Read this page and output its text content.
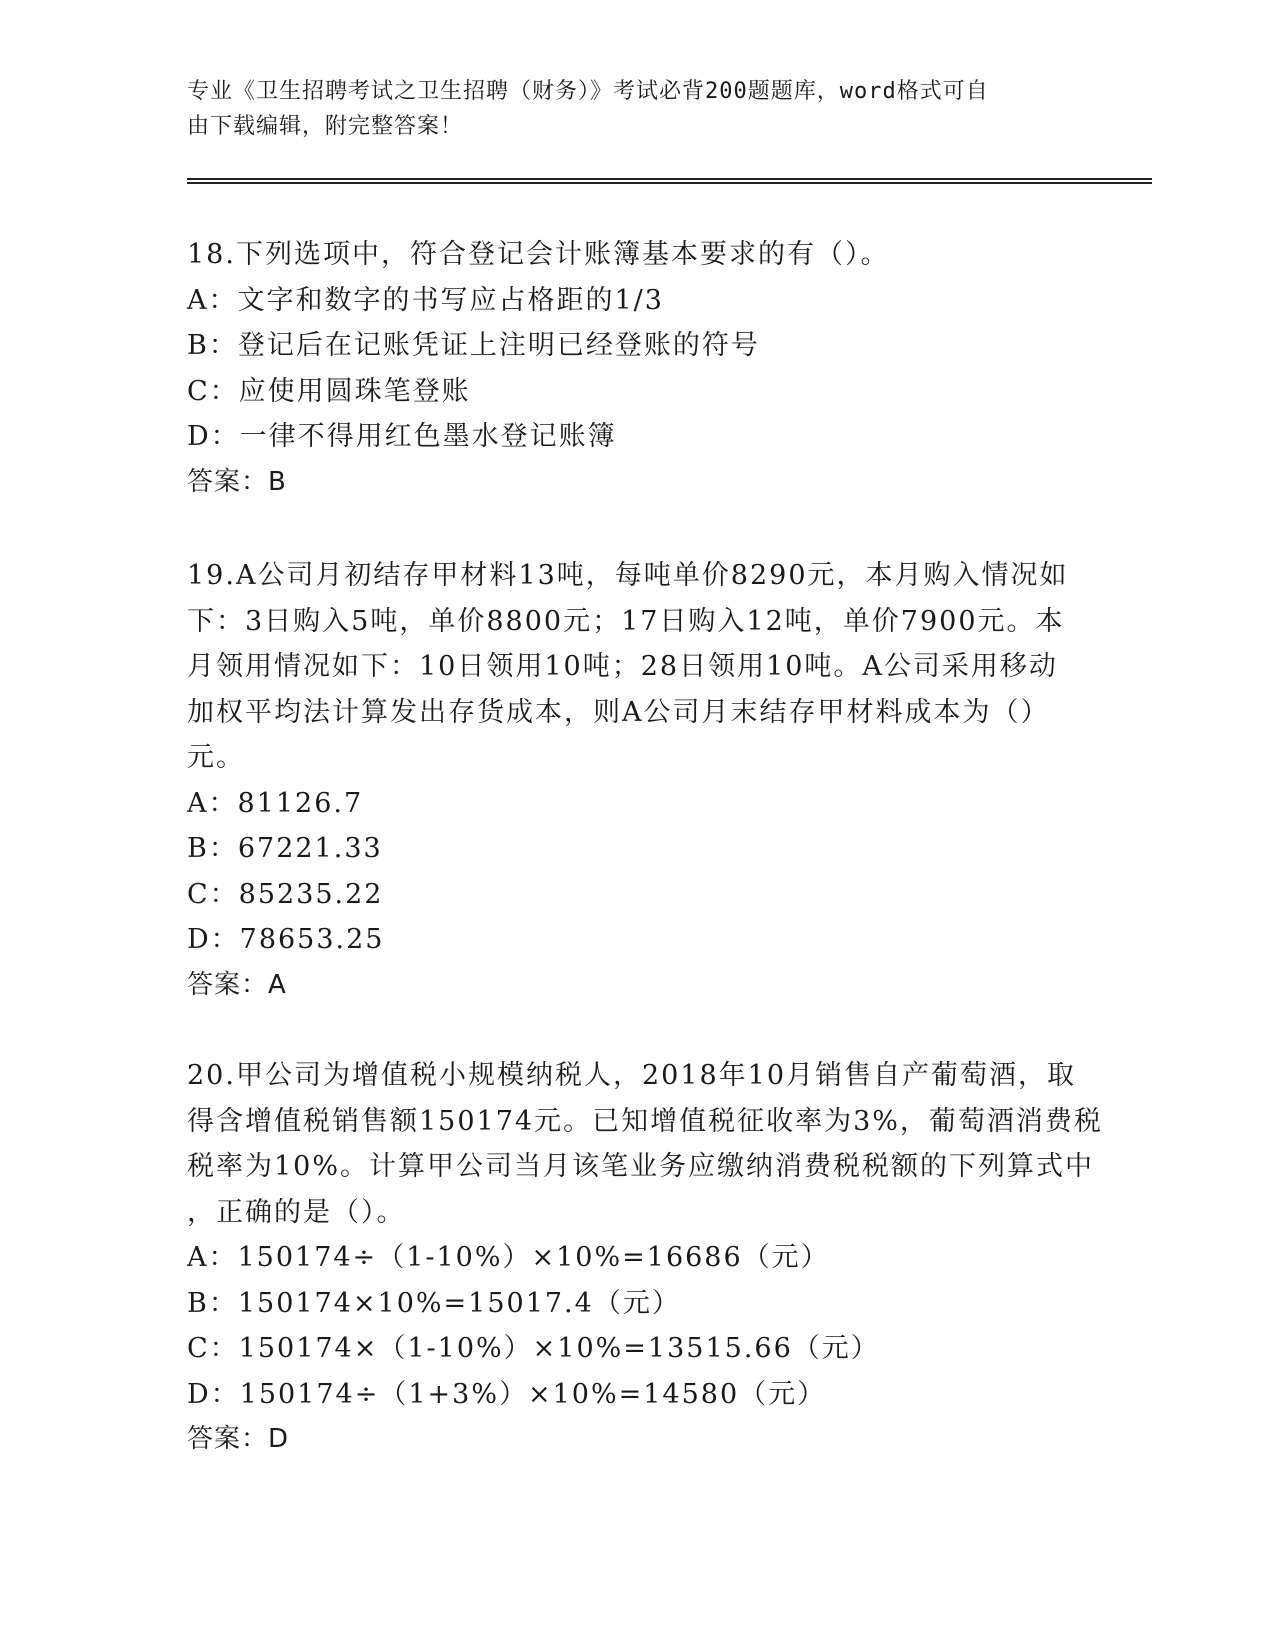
专业《卫生招聘考试之卫生招聘（财务）》考试必背200题题库，word格式可自

由下载编辑，附完整答案！

18.下列选项中，符合登记会计账簿基本要求的有（）。

A：文字和数字的书写应占格距的1/3

B：登记后在记账凭证上注明已经登账的符号

C：应使用圆珠笔登账

D：一律不得用红色墨水登记账簿

答案：B

19.A公司月初结存甲材料13吨，每吨单价8290元，本月购入情况如

下：3日购入5吨，单价8800元；17日购入12吨，单价7900元。本

月领用情况如下：10日领用10吨；28日领用10吨。A公司采用移动

加权平均法计算发出存货成本，则A公司月末结存甲材料成本为（）

元。

A：81126.7

B：67221.33

C：85235.22

D：78653.25

答案：A

20.甲公司为增值税小规模纳税人，2018年10月销售自产葡萄酒，取

得含增值税销售额150174元。已知增值税征收率为3%，葡萄酒消费税

税率为10%。计算甲公司当月该笔业务应缴纳消费税税额的下列算式中

，正确的是（）。

A：150174÷（1-10%）×10%=16686（元）

B：150174×10%=15017.4（元）

C：150174×（1-10%）×10%=13515.66（元）

D：150174÷（1+3%）×10%=14580（元）

答案：D
